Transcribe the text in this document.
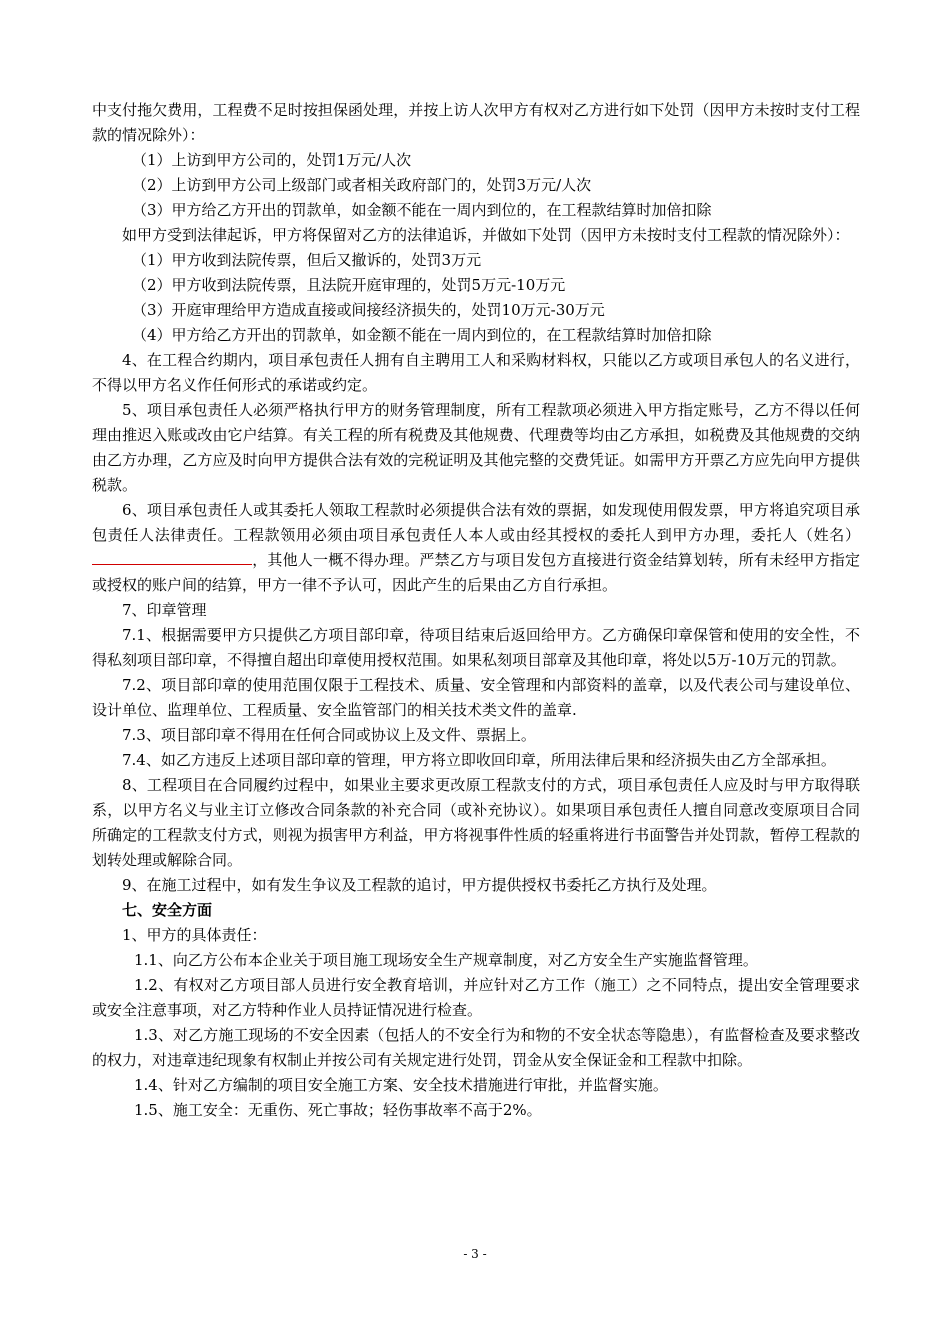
中支付拖欠费用，工程费不足时按担保函处理，并按上访人次甲方有权对乙方进行如下处罚（因甲方未按时支付工程款的情况除外）：

（1）上访到甲方公司的，处罚1万元/人次

（2）上访到甲方公司上级部门或者相关政府部门的，处罚3万元/人次

（3）甲方给乙方开出的罚款单，如金额不能在一周内到位的，在工程款结算时加倍扣除

如甲方受到法律起诉，甲方将保留对乙方的法律追诉，并做如下处罚（因甲方未按时支付工程款的情况除外）：

（1）甲方收到法院传票，但后又撤诉的，处罚3万元

（2）甲方收到法院传票，且法院开庭审理的，处罚5万元-10万元

（3）开庭审理给甲方造成直接或间接经济损失的，处罚10万元-30万元

（4）甲方给乙方开出的罚款单，如金额不能在一周内到位的，在工程款结算时加倍扣除

4、在工程合约期内，项目承包责任人拥有自主聘用工人和采购材料权，只能以乙方或项目承包人的名义进行，不得以甲方名义作任何形式的承诺或约定。

5、项目承包责任人必须严格执行甲方的财务管理制度，所有工程款项必须进入甲方指定账号，乙方不得以任何理由推迟入账或改由它户结算。有关工程的所有税费及其他规费、代理费等均由乙方承担，如税费及其他规费的交纳由乙方办理，乙方应及时向甲方提供合法有效的完税证明及其他完整的交费凭证。如需甲方开票乙方应先向甲方提供税款。

6、项目承包责任人或其委托人领取工程款时必须提供合法有效的票据，如发现使用假发票，甲方将追究项目承包责任人法律责任。工程款领用必须由项目承包责任人本人或由经其授权的委托人到甲方办理，委托人（姓名），其他人一概不得办理。严禁乙方与项目发包方直接进行资金结算划转，所有未经甲方指定或授权的账户间的结算，甲方一律不予认可，因此产生的后果由乙方自行承担。

7、印章管理

7.1、根据需要甲方只提供乙方项目部印章，待项目结束后返回给甲方。乙方确保印章保管和使用的安全性，不得私刻项目部印章，不得擅自超出印章使用授权范围。如果私刻项目部章及其他印章，将处以5万-10万元的罚款。

7.2、项目部印章的使用范围仅限于工程技术、质量、安全管理和内部资料的盖章，以及代表公司与建设单位、设计单位、监理单位、工程质量、安全监管部门的相关技术类文件的盖章.

7.3、项目部印章不得用在任何合同或协议上及文件、票据上。

7.4、如乙方违反上述项目部印章的管理，甲方将立即收回印章，所用法律后果和经济损失由乙方全部承担。

8、工程项目在合同履约过程中，如果业主要求更改原工程款支付的方式，项目承包责任人应及时与甲方取得联系，以甲方名义与业主订立修改合同条款的补充合同（或补充协议）。如果项目承包责任人擅自同意改变原项目合同所确定的工程款支付方式，则视为损害甲方利益，甲方将视事件性质的轻重将进行书面警告并处罚款，暂停工程款的划转处理或解除合同。

9、在施工过程中，如有发生争议及工程款的追讨，甲方提供授权书委托乙方执行及处理。

七、安全方面

1、甲方的具体责任：

1.1、向乙方公布本企业关于项目施工现场安全生产规章制度，对乙方安全生产实施监督管理。

1.2、有权对乙方项目部人员进行安全教育培训，并应针对乙方工作（施工）之不同特点，提出安全管理要求或安全注意事项，对乙方特种作业人员持证情况进行检查。

1.3、对乙方施工现场的不安全因素（包括人的不安全行为和物的不安全状态等隐患），有监督检查及要求整改的权力，对违章违纪现象有权制止并按公司有关规定进行处罚，罚金从安全保证金和工程款中扣除。

1.4、针对乙方编制的项目安全施工方案、安全技术措施进行审批，并监督实施。

1.5、施工安全：无重伤、死亡事故；轻伤事故率不高于2%。

- 3 -
